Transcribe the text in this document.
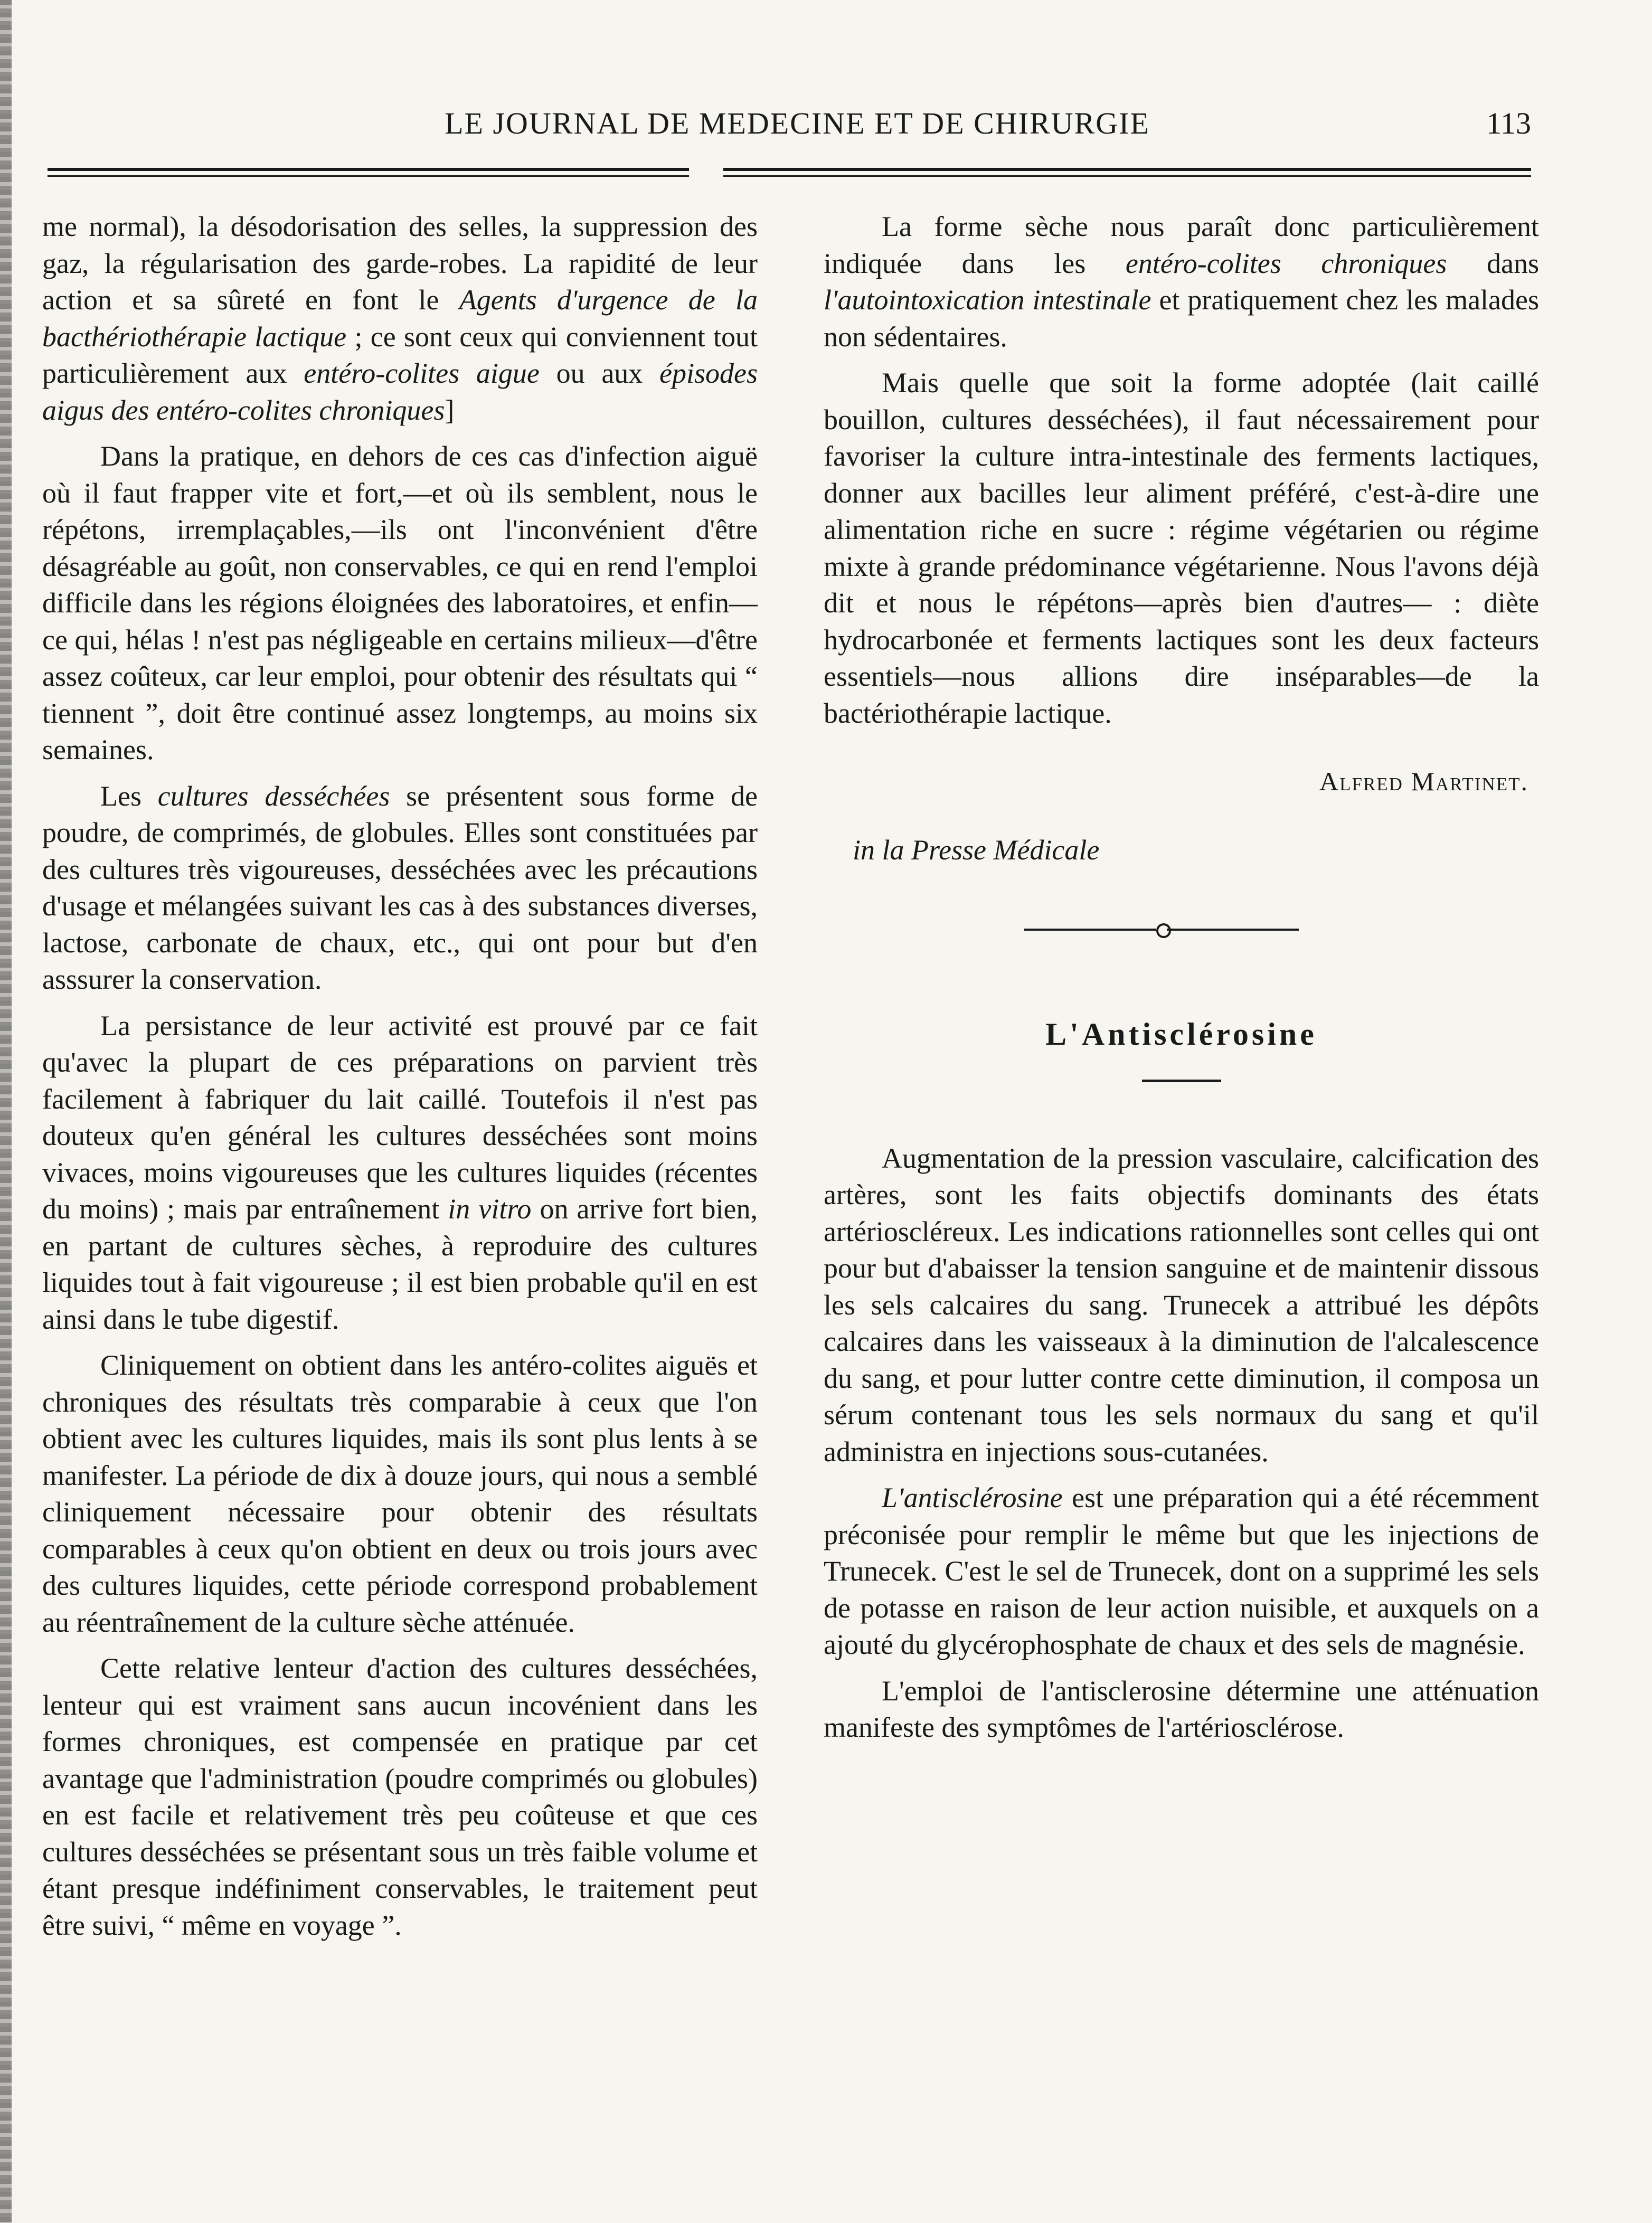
LE JOURNAL DE MEDECINE ET DE CHIRURGIE	113

me normal), la désodorisation des selles, la suppression des gaz, la régularisation des garde-robes. La rapidité de leur action et sa sûreté en font le Agents d'urgence de la bacthériothérapie lactique ; ce sont ceux qui conviennent tout particulièrement aux entéro-colites aigue ou aux épisodes aigus des entéro-colites chroniques]

Dans la pratique, en dehors de ces cas d'infection aiguë où il faut frapper vite et fort,—et où ils semblent, nous le répétons, irremplaçables,—ils ont l'inconvénient d'être désagréable au goût, non conservables, ce qui en rend l'emploi difficile dans les régions éloignées des laboratoires, et enfin—ce qui, hélas ! n'est pas négligeable en certains milieux—d'être assez coûteux, car leur emploi, pour obtenir des résultats qui “ tiennent ”, doit être continué assez longtemps, au moins six semaines.

Les cultures desséchées se présentent sous forme de poudre, de comprimés, de globules. Elles sont constituées par des cultures très vigoureuses, desséchées avec les précautions d'usage et mélangées suivant les cas à des substances diverses, lactose, carbonate de chaux, etc., qui ont pour but d'en asssurer la conservation.

La persistance de leur activité est prouvé par ce fait qu'avec la plupart de ces préparations on parvient très facilement à fabriquer du lait caillé. Toutefois il n'est pas douteux qu'en général les cultures desséchées sont moins vivaces, moins vigoureuses que les cultures liquides (récentes du moins) ; mais par entraînement in vitro on arrive fort bien, en partant de cultures sèches, à reproduire des cultures liquides tout à fait vigoureuse ; il est bien probable qu'il en est ainsi dans le tube digestif.

Cliniquement on obtient dans les antéro-colites aiguës et chroniques des résultats très comparabie à ceux que l'on obtient avec les cultures liquides, mais ils sont plus lents à se manifester. La période de dix à douze jours, qui nous a semblé cliniquement nécessaire pour obtenir des résultats comparables à ceux qu'on obtient en deux ou trois jours avec des cultures liquides, cette période correspond probablement au réentraînement de la culture sèche atténuée.

Cette relative lenteur d'action des cultures desséchées, lenteur qui est vraiment sans aucun incovénient dans les formes chroniques, est compensée en pratique par cet avantage que l'administration (poudre comprimés ou globules) en est facile et relativement très peu coûteuse et que ces cultures desséchées se présentant sous un très faible volume et étant presque indéfiniment conservables, le traitement peut être suivi, “ même en voyage ”.

La forme sèche nous paraît donc particulièrement indiquée dans les entéro-colites chroniques dans l'autointoxication intestinale et pratiquement chez les malades non sédentaires.

Mais quelle que soit la forme adoptée (lait caillé bouillon, cultures desséchées), il faut nécessairement pour favoriser la culture intra-intestinale des ferments lactiques, donner aux bacilles leur aliment préféré, c'est-à-dire une alimentation riche en sucre : régime végétarien ou régime mixte à grande prédominance végétarienne. Nous l'avons déjà dit et nous le répétons—après bien d'autres— : diète hydrocarbonée et ferments lactiques sont les deux facteurs essentiels—nous allions dire inséparables—de la bactériothérapie lactique.

Alfred Martinet.
in la Presse Médicale
L'Antisclérosine

Augmentation de la pression vasculaire, calcification des artères, sont les faits objectifs dominants des états artérioscléreux. Les indications rationnelles sont celles qui ont pour but d'abaisser la tension sanguine et de maintenir dissous les sels calcaires du sang. Trunecek a attribué les dépôts calcaires dans les vaisseaux à la diminution de l'alcalescence du sang, et pour lutter contre cette diminution, il composa un sérum contenant tous les sels normaux du sang et qu'il administra en injections sous-cutanées.

L'antisclérosine est une préparation qui a été récemment préconisée pour remplir le même but que les injections de Trunecek. C'est le sel de Trunecek, dont on a supprimé les sels de potasse en raison de leur action nuisible, et auxquels on a ajouté du glycérophosphate de chaux et des sels de magnésie.

L'emploi de l'antisclerosine détermine une atténuation manifeste des symptômes de l'artériosclérose.
